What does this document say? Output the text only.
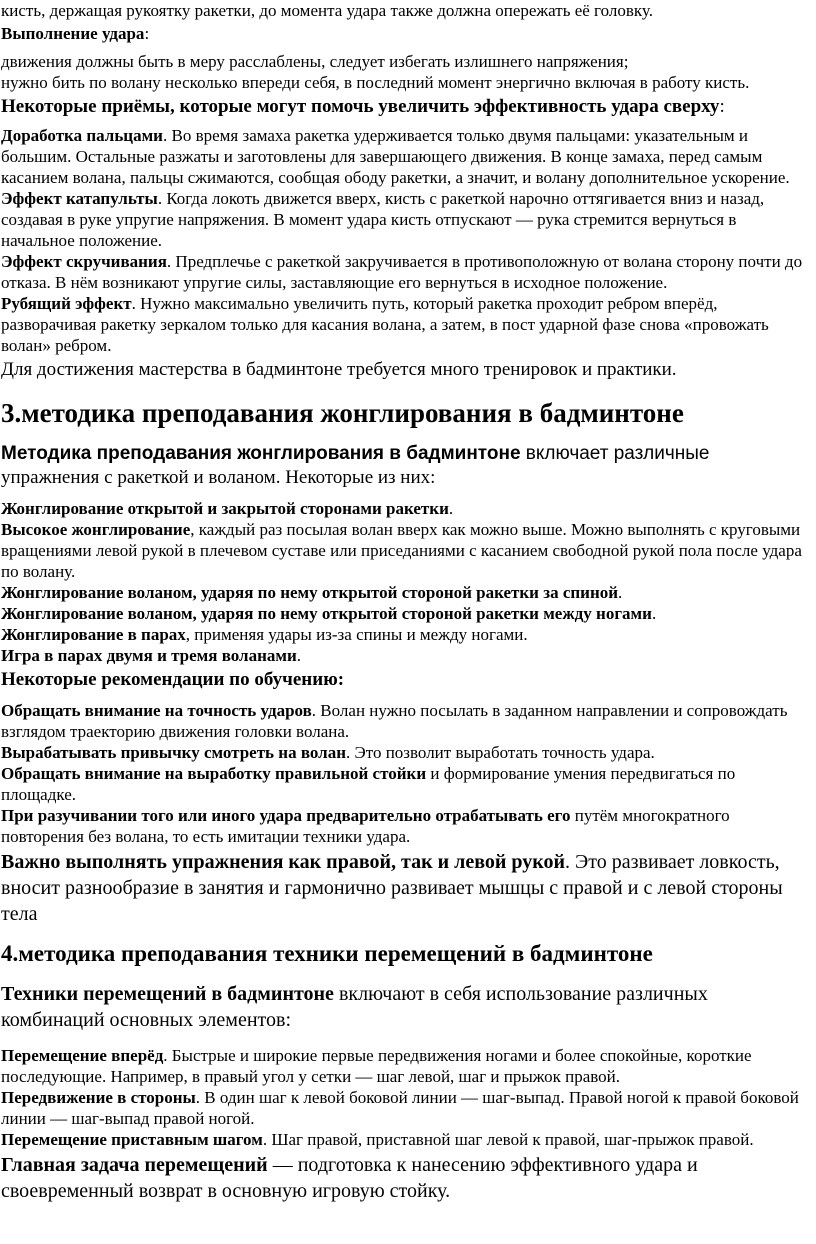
кисть, держащая рукоятку ракетки, до момента удара также должна опережать её головку.

Выполнение удара:

движения должны быть в меру расслаблены, следует избегать излишнего напряжения;

нужно бить по волану несколько впереди себя, в последний момент энергично включая в работу кисть.

Некоторые приёмы, которые могут помочь увеличить эффективность удара сверху:

Доработка пальцами. Во время замаха ракетка удерживается только двумя пальцами: указательным и большим. Остальные разжаты и заготовлены для завершающего движения. В конце замаха, перед самым касанием волана, пальцы сжимаются, сообщая ободу ракетки, а значит, и волану дополнительное ускорение.

Эффект катапульты. Когда локоть движется вверх, кисть с ракеткой нарочно оттягивается вниз и назад, создавая в руке упругие напряжения. В момент удара кисть отпускают — рука стремится вернуться в начальное положение.

Эффект скручивания. Предплечье с ракеткой закручивается в противоположную от волана сторону почти до отказа. В нём возникают упругие силы, заставляющие его вернуться в исходное положение.

Рубящий эффект. Нужно максимально увеличить путь, который ракетка проходит ребром вперёд, разворачивая ракетку зеркалом только для касания волана, а затем, в пост ударной фазе снова «провожать волан» ребром.

Для достижения мастерства в бадминтоне требуется много тренировок и практики.

3.методика преподавания жонглирования в бадминтоне

Методика преподавания жонглирования в бадминтоне включает различные

упражнения с ракеткой и воланом. Некоторые из них:

Жонглирование открытой и закрытой сторонами ракетки.

Высокое жонглирование, каждый раз посылая волан вверх как можно выше. Можно выполнять с круговыми вращениями левой рукой в плечевом суставе или приседаниями с касанием свободной рукой пола после удара по волану.

Жонглирование воланом, ударяя по нему открытой стороной ракетки за спиной.

Жонглирование воланом, ударяя по нему открытой стороной ракетки между ногами.

Жонглирование в парах, применяя удары из-за спины и между ногами.

Игра в парах двумя и тремя воланами.

Некоторые рекомендации по обучению:

Обращать внимание на точность ударов. Волан нужно посылать в заданном направлении и сопровождать взглядом траекторию движения головки волана.

Вырабатывать привычку смотреть на волан. Это позволит выработать точность удара.

Обращать внимание на выработку правильной стойки и формирование умения передвигаться по площадке.

При разучивании того или иного удара предварительно отрабатывать его путём многократного повторения без волана, то есть имитации техники удара.

Важно выполнять упражнения как правой, так и левой рукой. Это развивает ловкость, вносит разнообразие в занятия и гармонично развивает мышцы с правой и с левой стороны тела

4.методика преподавания техники перемещений в бадминтоне

Техники перемещений в бадминтоне включают в себя использование различных комбинаций основных элементов:

Перемещение вперёд. Быстрые и широкие первые передвижения ногами и более спокойные, короткие последующие. Например, в правый угол у сетки — шаг левой, шаг и прыжок правой.

Передвижение в стороны. В один шаг к левой боковой линии — шаг-выпад. Правой ногой к правой боковой линии — шаг-выпад правой ногой.

Перемещение приставным шагом. Шаг правой, приставной шаг левой к правой, шаг-прыжок правой.

Главная задача перемещений — подготовка к нанесению эффективного удара и своевременный возврат в основную игровую стойку.
